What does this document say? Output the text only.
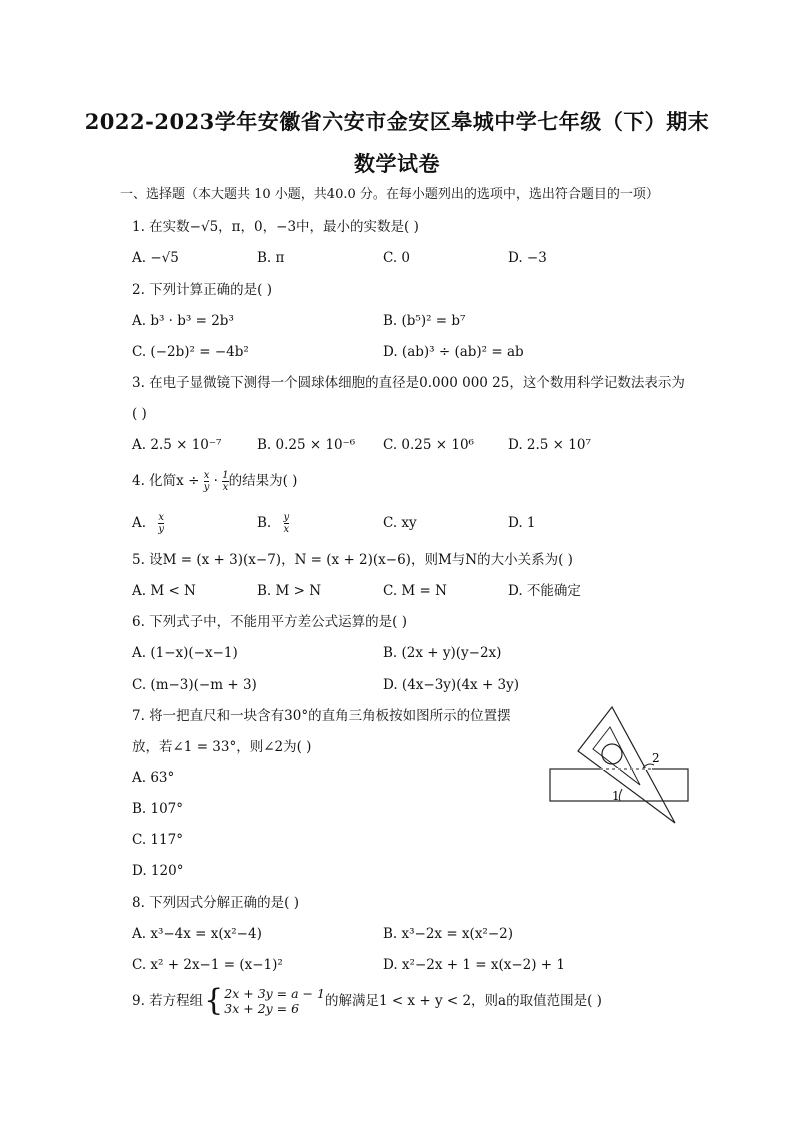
2022-2023学年安徽省六安市金安区皋城中学七年级（下）期末
数学试卷
一、选择题（本大题共 10 小题，共40.0 分。在每小题列出的选项中，选出符合题目的一项）
1. 在实数−√5，π，0，−3中，最小的实数是( )
A. −√5	B. π	C. 0	D. −3
2. 下列计算正确的是( )
A. b³ · b³ = 2b³	B. (b⁵)² = b⁷
C. (−2b)² = −4b²	D. (ab)³ ÷ (ab)² = ab
3. 在电子显微镜下测得一个圆球体细胞的直径是0.000 000 25，这个数用科学记数法表示为
( )
A. 2.5 × 10⁻⁷	B. 0.25 × 10⁻⁶ C. 0.25 × 10⁶	D. 2.5 × 10⁷
4. 化简$x \div \frac{x}{y} \cdot \frac{1}{x}$ 的结果为( )
A. $\frac{x}{y}$	B. $\frac{y}{x}$	C. xy	D. 1
5. 设M = (x + 3)(x−7)，N = (x + 2)(x−6)，则M与N的大小关系为( )
A. M < N	B. M > N	C. M = N	D. 不能确定
6. 下列式子中，不能用平方差公式运算的是( )
A. (1−x)(−x−1)	B. (2x + y)(y−2x)
C. (m−3)(−m + 3)	D. (4x−3y)(4x + 3y)
7. 将一把直尺和一块含有30°的直角三角板按如图所示的位置摆
放，若∠1 = 33°，则∠2为( )
A. 63°
B. 107°
C. 117°
D. 120°
1
2
8. 下列因式分解正确的是( )
A. x³−4x = x(x²−4)	B. x³−2x = x(x²−2)
C. x² + 2x−1 = (x−1)²	D. x²−2x + 1 = x(x−2) + 1
9. 若方程组 { 2x + 3y = a − 1
3x + 2y = 6	的解满足1 < x + y < 2，则a的取值范围是( )
